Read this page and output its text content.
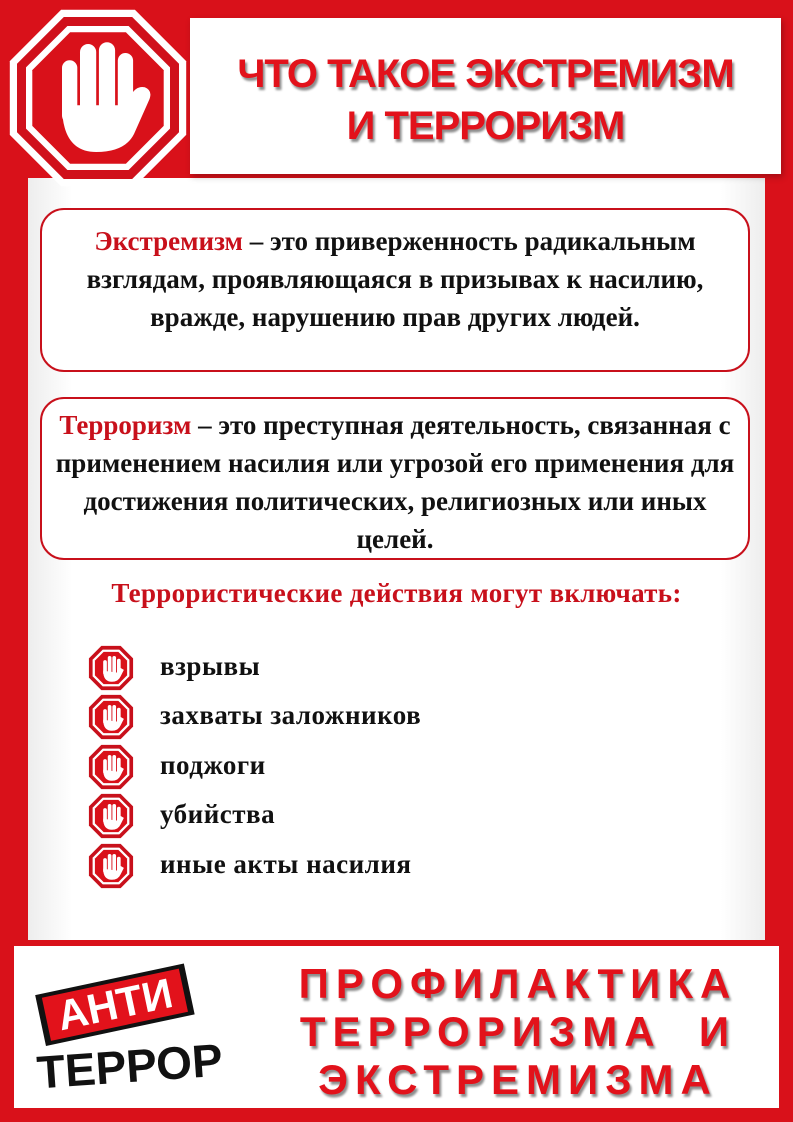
ЧТО ТАКОЕ ЭКСТРЕМИЗМ
И ТЕРРОРИЗМ
Экстремизм – это приверженность радикальным взглядам, проявляющаяся в призывах к насилию, вражде, нарушению прав других людей.
Терроризм – это преступная деятельность, связанная с применением насилия или угрозой его применения для достижения политических, религиозных или иных целей.
Террористические действия могут включать:
взрывы
захваты заложников
поджоги
убийства
иные акты насилия
АНТИ
ТЕРРОР
ПРОФИЛАКТИКА
ТЕРРОРИЗМА  И
ЭКСТРЕМИЗМА
